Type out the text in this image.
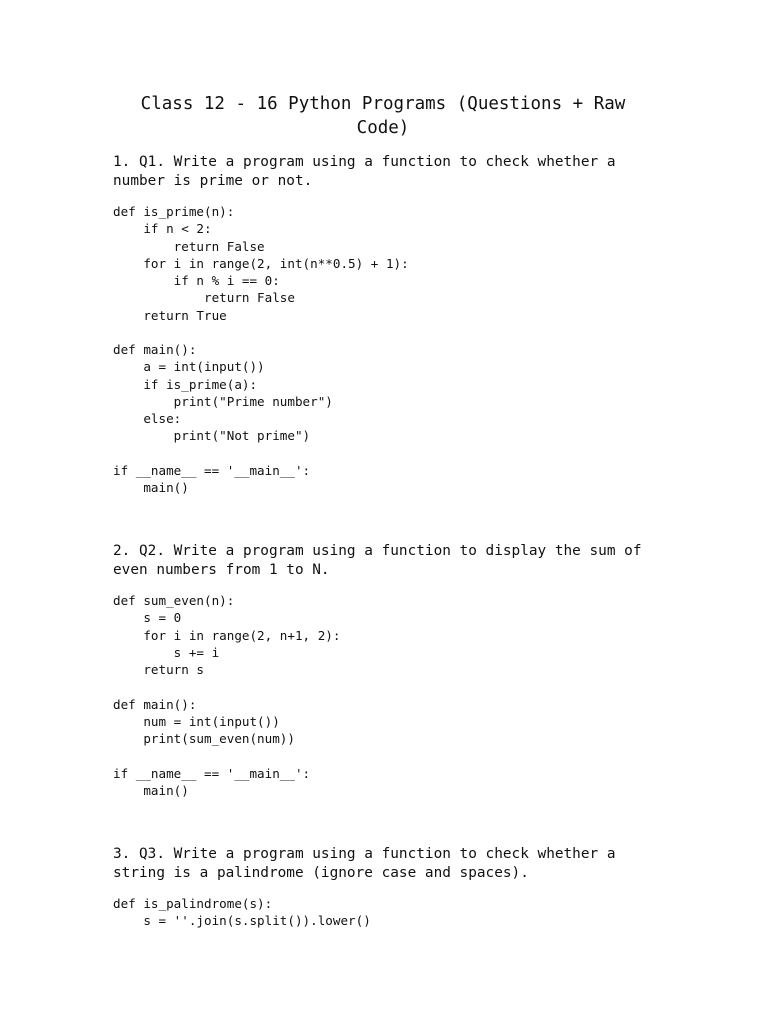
Class 12 - 16 Python Programs (Questions + Raw Code)

1. Q1. Write a program using a function to check whether a number is prime or not.

def is_prime(n):
if n < 2:
return False
for i in range(2, int(n**0.5) + 1):
if n % i == 0:
return False
return True

def main():
a = int(input())
if is_prime(a):
print("Prime number")
else:
print("Not prime")

if __name__ == '__main__':
main()

2. Q2. Write a program using a function to display the sum of even numbers from 1 to N.

def sum_even(n):
s = 0
for i in range(2, n+1, 2):
s += i
return s

def main():
num = int(input())
print(sum_even(num))

if __name__ == '__main__':
main()

3. Q3. Write a program using a function to check whether a string is a palindrome (ignore case and spaces).

def is_palindrome(s):
s = ''.join(s.split()).lower()
